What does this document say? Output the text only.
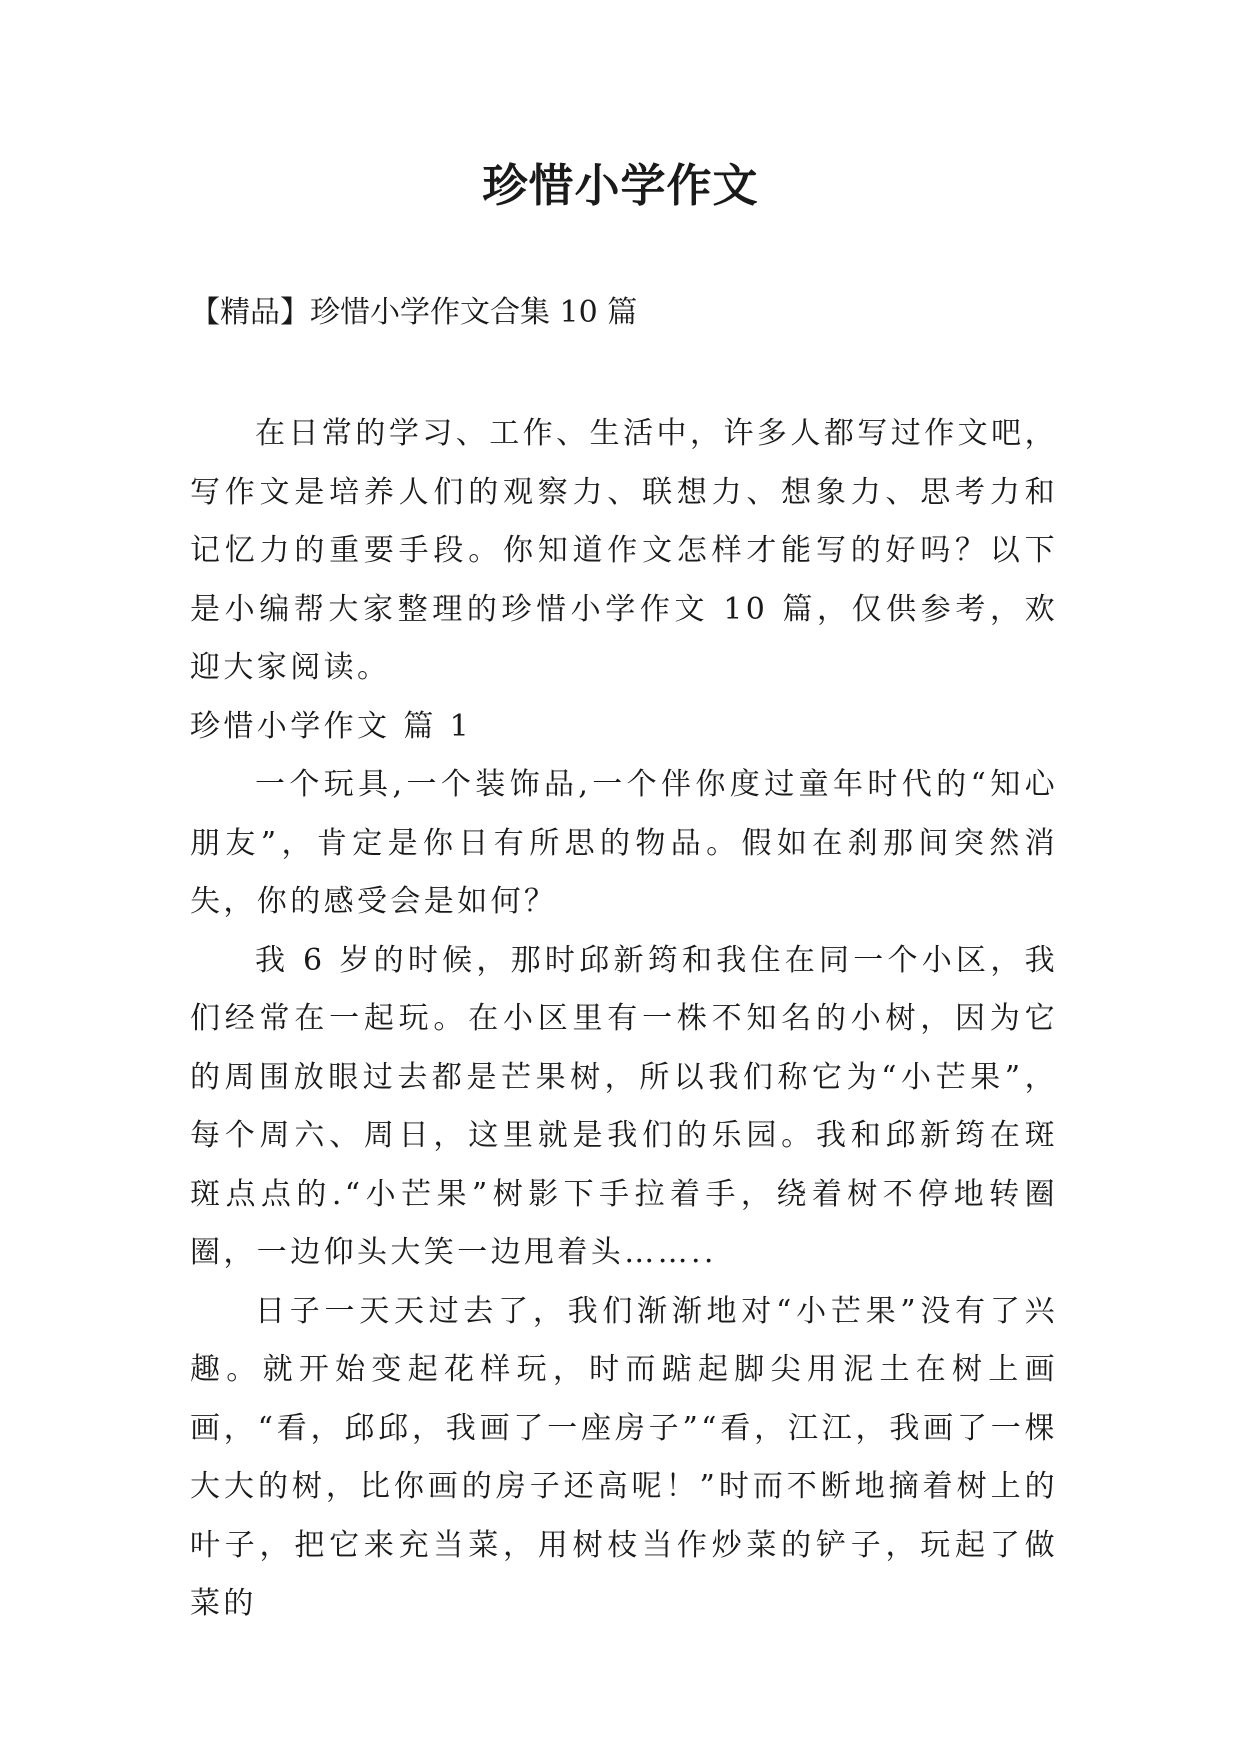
珍惜小学作文

【精品】珍惜小学作文合集 10 篇

在日常的学习、工作、生活中，许多人都写过作文吧，写作文是培养人们的观察力、联想力、想象力、思考力和记忆力的重要手段。你知道作文怎样才能写的好吗？以下是小编帮大家整理的珍惜小学作文 10 篇，仅供参考，欢迎大家阅读。

珍惜小学作文 篇 1

一个玩具,一个装饰品,一个伴你度过童年时代的“知心朋友”，肯定是你日有所思的物品。假如在刹那间突然消失，你的感受会是如何？

我 6 岁的时候，那时邱新筠和我住在同一个小区，我们经常在一起玩。在小区里有一株不知名的小树，因为它的周围放眼过去都是芒果树，所以我们称它为“小芒果”，每个周六、周日，这里就是我们的乐园。我和邱新筠在斑斑点点的.“小芒果”树影下手拉着手，绕着树不停地转圈圈，一边仰头大笑一边甩着头……..

日子一天天过去了，我们渐渐地对“小芒果”没有了兴趣。就开始变起花样玩，时而踮起脚尖用泥土在树上画画，“看，邱邱，我画了一座房子”“看，江江，我画了一棵大大的树，比你画的房子还高呢！”时而不断地摘着树上的叶子，把它来充当菜，用树枝当作炒菜的铲子，玩起了做菜的
